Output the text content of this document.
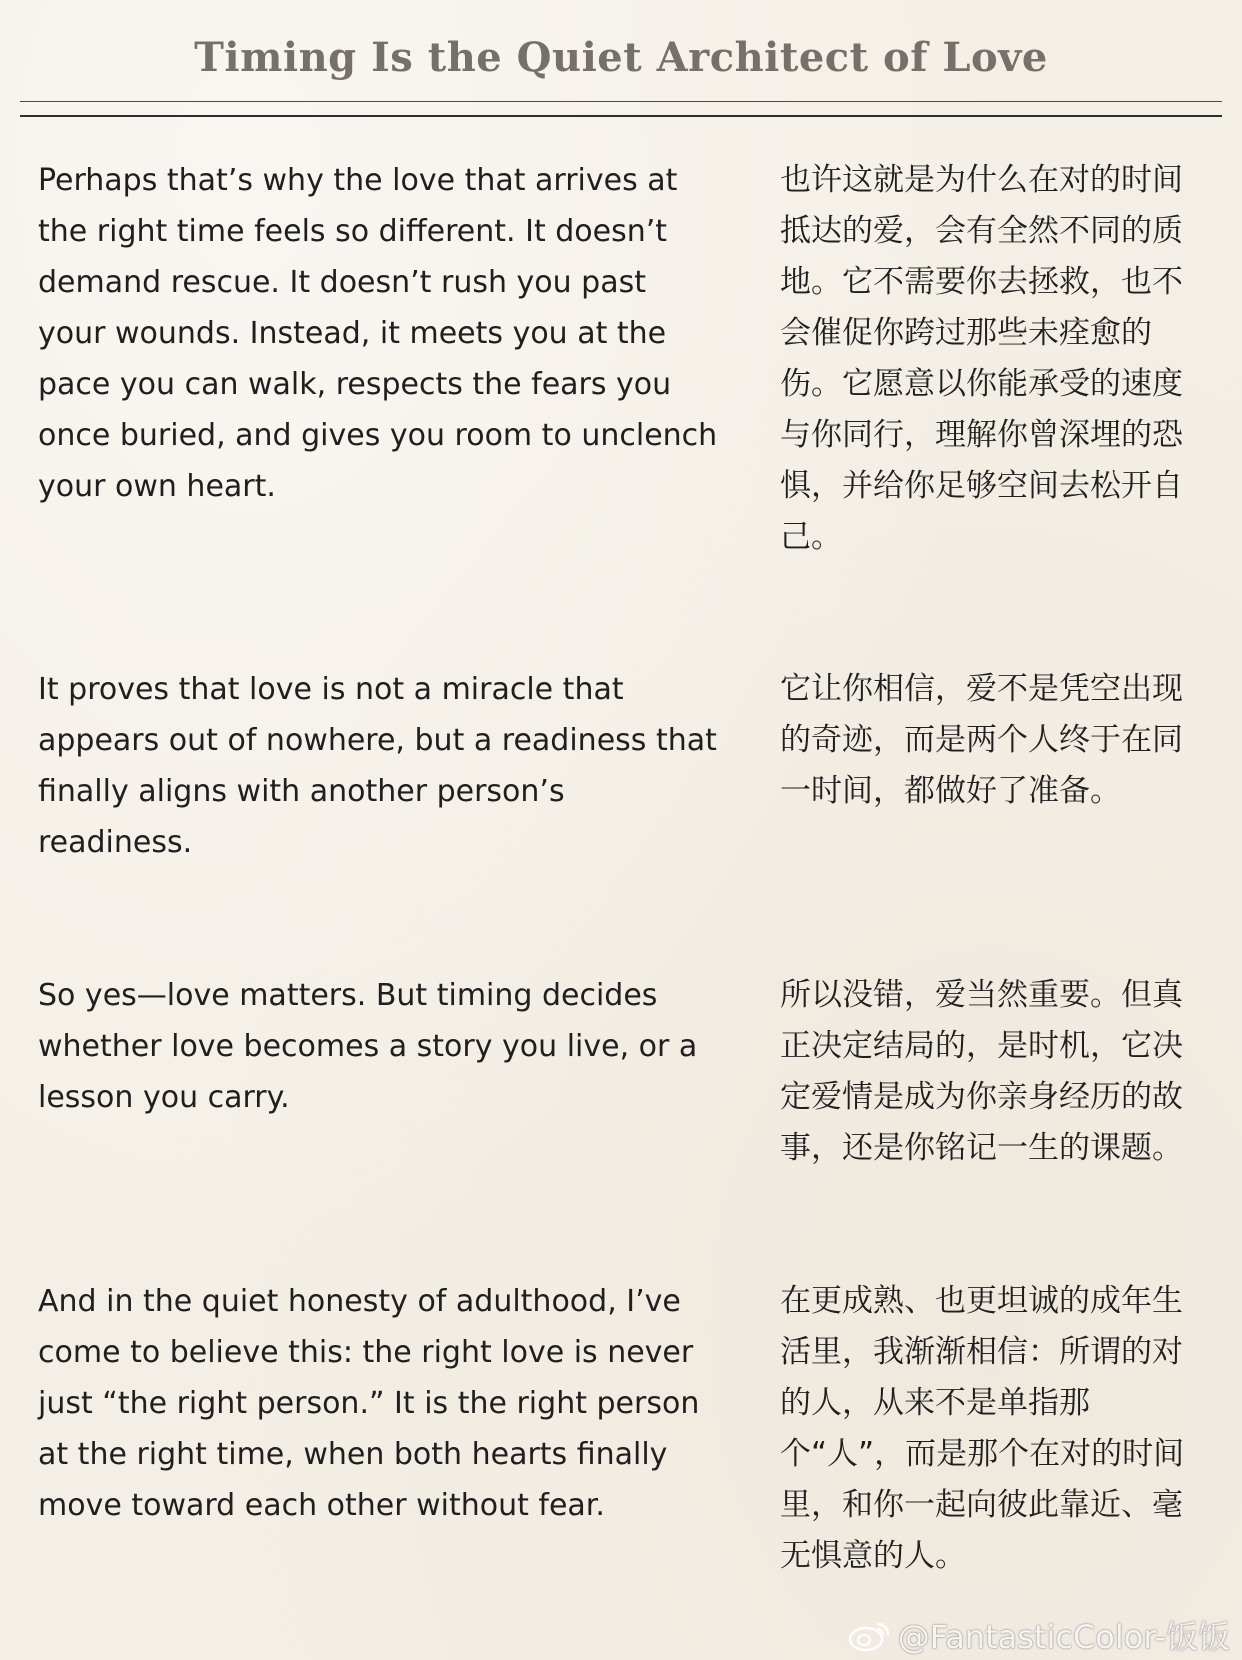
Timing Is the Quiet Architect of Love
Perhaps that’s why the love that arrives at the right time feels so different. It doesn’t demand rescue. It doesn’t rush you past your wounds. Instead, it meets you at the pace you can walk, respects the fears you once buried, and gives you room to unclench your own heart.
也许这就是为什么在对的时间抵达的爱，会有全然不同的质地。它不需要你去拯救，也不会催促你跨过那些未痊愈的伤。它愿意以你能承受的速度与你同行，理解你曾深埋的恐惧，并给你足够空间去松开自己。
It proves that love is not a miracle that appears out of nowhere, but a readiness that finally aligns with another person’s readiness.
它让你相信，爱不是凭空出现的奇迹，而是两个人终于在同一时间，都做好了准备。
So yes—love matters. But timing decides whether love becomes a story you live, or a lesson you carry.
所以没错，爱当然重要。但真正决定结局的，是时机，它决定爱情是成为你亲身经历的故事，还是你铭记一生的课题。
And in the quiet honesty of adulthood, I’ve come to believe this: the right love is never just “the right person.” It is the right person at the right time, when both hearts finally move toward each other without fear.
在更成熟、也更坦诚的成年生活里，我渐渐相信：所谓的对的人，从来不是单指那个“人”，而是那个在对的时间里，和你一起向彼此靠近、毫无惧意的人。
@FantasticColor-饭饭
